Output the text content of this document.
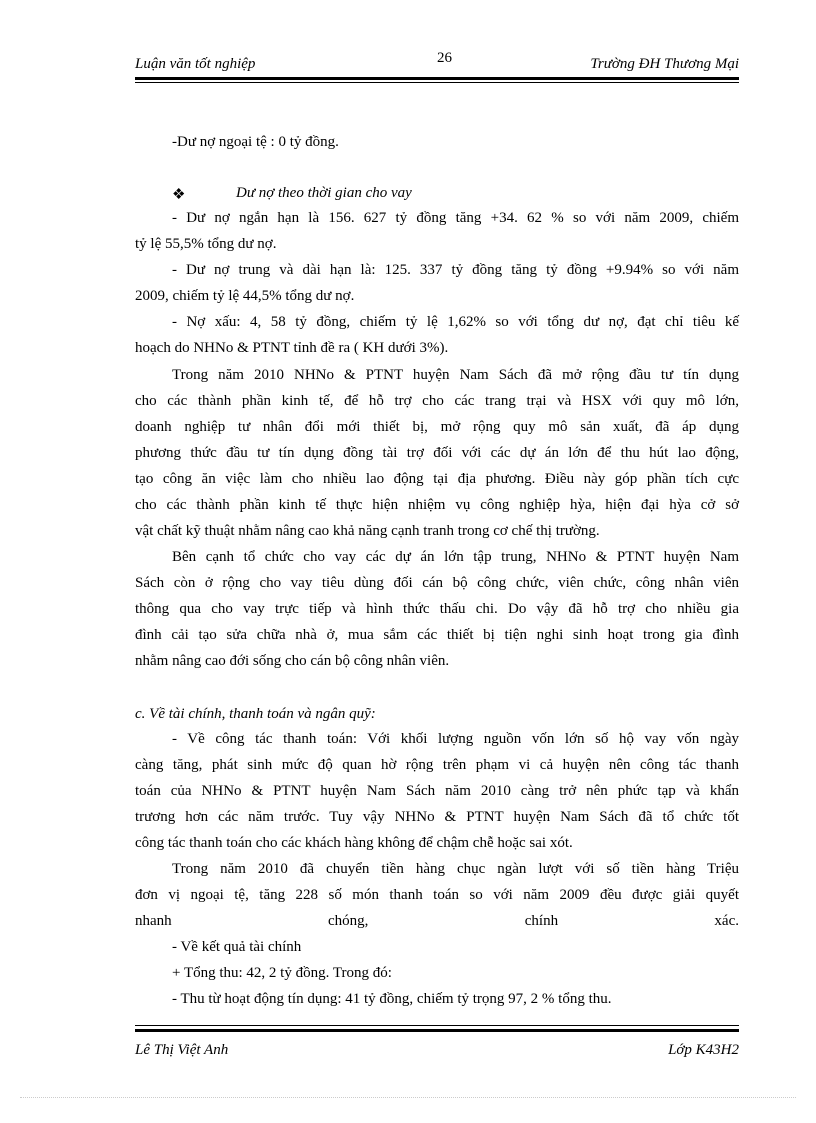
Luận văn tốt nghiệp	26	Trường ĐH Thương Mại
-Dư nợ ngoại tệ : 0 tỷ đồng.
❖	Dư nợ theo thời gian cho vay
- Dư nợ ngắn hạn là 156. 627 tỷ đồng tăng +34. 62 % so với năm 2009, chiếm
tỷ lệ 55,5% tổng dư nợ.
- Dư nợ trung và dài hạn là: 125. 337 tỷ đồng tăng tỷ đồng +9.94% so với năm
2009, chiếm tỷ lệ 44,5% tổng dư nợ.
- Nợ xấu: 4, 58 tỷ đồng, chiếm tỷ lệ 1,62% so với tổng dư nợ, đạt chỉ tiêu kế
hoạch do NHNo & PTNT tỉnh đề ra ( KH dưới 3%).
Trong năm 2010 NHNo & PTNT huyện Nam Sách đã mở rộng đầu tư tín dụng
cho các thành phần kinh tế, để hỗ trợ cho các trang trại và HSX với quy mô lớn,
doanh nghiệp tư nhân đổi mới thiết bị, mở rộng quy mô sản xuất, đã áp dụng
phương thức đầu tư tín dụng đồng tài trợ đối với các dự án lớn để thu hút lao động,
tạo công ăn việc làm cho nhiều lao động tại địa phương. Điều này góp phần tích cực
cho các thành phần kinh tế thực hiện nhiệm vụ công nghiệp hỳa, hiện đại hỳa cở sở
vật chất kỹ thuật nhằm nâng cao khả năng cạnh tranh trong cơ chế thị trường.
Bên cạnh tổ chức cho vay các dự án lớn tập trung, NHNo & PTNT huyện Nam
Sách còn ở rộng cho vay tiêu dùng đối cán bộ công chức, viên chức, công nhân viên
thông qua cho vay trực tiếp và hình thức thấu chi. Do vậy đã hỗ trợ cho nhiều gia
đình cải tạo sửa chữa nhà ở, mua sắm các thiết bị tiện nghi sinh hoạt trong gia đình
nhằm nâng cao đới sống cho cán bộ công nhân viên.
c. Về tài chính, thanh toán và ngân quỹ:
- Về công tác thanh toán: Với khối lượng nguồn vốn lớn số hộ vay vốn ngày
càng tăng, phát sinh mức độ quan hờ rộng trên phạm vi cả huyện nên công tác thanh
toán của NHNo & PTNT huyện Nam Sách năm 2010 càng trở nên phức tạp và khẩn
trương hơn các năm trước. Tuy vậy NHNo & PTNT huyện Nam Sách đã tổ chức tốt
công tác thanh toán cho các khách hàng không để chậm chễ hoặc sai xót.
Trong năm 2010 đã chuyển tiền hàng chục ngàn lượt với số tiền hàng Triệu
đơn vị ngoại tệ, tăng 228 số món thanh toán so với năm 2009 đều được giải quyết
nhanh chóng, chính xác.
- Về kết quả tài chính
+ Tổng thu: 42, 2 tỷ đồng. Trong đó:
- Thu từ hoạt động tín dụng: 41 tỷ đồng, chiếm tỷ trọng 97, 2 % tổng thu.
Lê Thị Việt Anh	Lớp K43H2
